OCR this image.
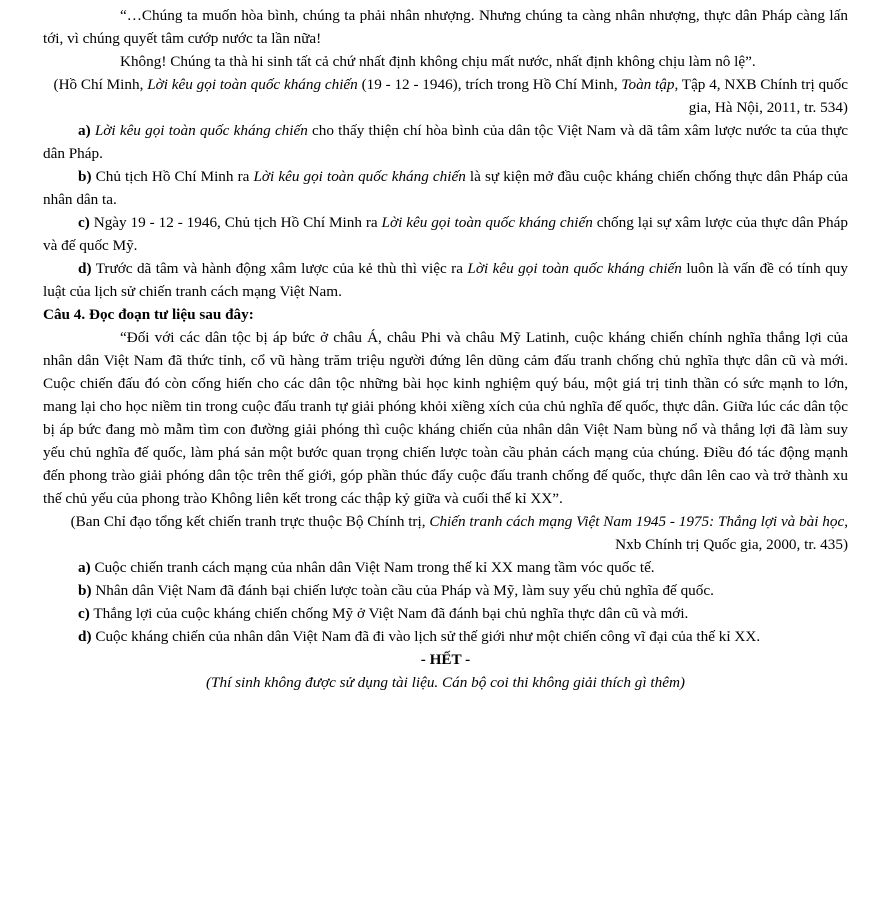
“…Chúng ta muốn hòa bình, chúng ta phải nhân nhượng. Nhưng chúng ta càng nhân nhượng, thực dân Pháp càng lấn tới, vì chúng quyết tâm cướp nước ta lần nữa!

Không! Chúng ta thà hi sinh tất cả chứ nhất định không chịu mất nước, nhất định không chịu làm nô lệ”.

(Hồ Chí Minh, Lời kêu gọi toàn quốc kháng chiến (19 - 12 - 1946), trích trong Hồ Chí Minh, Toàn tập, Tập 4, NXB Chính trị quốc gia, Hà Nội, 2011, tr. 534)

a) Lời kêu gọi toàn quốc kháng chiến cho thấy thiện chí hòa bình của dân tộc Việt Nam và dã tâm xâm lược nước ta của thực dân Pháp.

b) Chủ tịch Hồ Chí Minh ra Lời kêu gọi toàn quốc kháng chiến là sự kiện mở đầu cuộc kháng chiến chống thực dân Pháp của nhân dân ta.

c) Ngày 19 - 12 - 1946, Chủ tịch Hồ Chí Minh ra Lời kêu gọi toàn quốc kháng chiến chống lại sự xâm lược của thực dân Pháp và đế quốc Mỹ.

d) Trước dã tâm và hành động xâm lược của kẻ thù thì việc ra Lời kêu gọi toàn quốc kháng chiến luôn là vấn đề có tính quy luật của lịch sử chiến tranh cách mạng Việt Nam.

Câu 4. Đọc đoạn tư liệu sau đây:

“Đối với các dân tộc bị áp bức ở châu Á, châu Phi và châu Mỹ Latinh, cuộc kháng chiến chính nghĩa thắng lợi của nhân dân Việt Nam đã thức tỉnh, cổ vũ hàng trăm triệu người đứng lên dũng cảm đấu tranh chống chủ nghĩa thực dân cũ và mới. Cuộc chiến đấu đó còn cống hiến cho các dân tộc những bài học kinh nghiệm quý báu, một giá trị tinh thần có sức mạnh to lớn, mang lại cho học niềm tin trong cuộc đấu tranh tự giải phóng khỏi xiềng xích của chủ nghĩa đế quốc, thực dân. Giữa lúc các dân tộc bị áp bức đang mò mẫm tìm con đường giải phóng thì cuộc kháng chiến của nhân dân Việt Nam bùng nổ và thắng lợi đã làm suy yếu chủ nghĩa đế quốc, làm phá sản một bước quan trọng chiến lược toàn cầu phản cách mạng của chúng. Điều đó tác động mạnh đến phong trào giải phóng dân tộc trên thế giới, góp phần thúc đẩy cuộc đấu tranh chống đế quốc, thực dân lên cao và trở thành xu thế chủ yếu của phong trào Không liên kết trong các thập kỷ giữa và cuối thế kỉ XX”.

(Ban Chỉ đạo tổng kết chiến tranh trực thuộc Bộ Chính trị, Chiến tranh cách mạng Việt Nam 1945 - 1975: Thắng lợi và bài học, Nxb Chính trị Quốc gia, 2000, tr. 435)

a) Cuộc chiến tranh cách mạng của nhân dân Việt Nam trong thế kỉ XX mang tầm vóc quốc tế.

b) Nhân dân Việt Nam đã đánh bại chiến lược toàn cầu của Pháp và Mỹ, làm suy yếu chủ nghĩa đế quốc.

c) Thắng lợi của cuộc kháng chiến chống Mỹ ở Việt Nam đã đánh bại chủ nghĩa thực dân cũ và mới.

d) Cuộc kháng chiến của nhân dân Việt Nam đã đi vào lịch sử thế giới như một chiến công vĩ đại của thế kỉ XX.

- HẾT -

(Thí sinh không được sử dụng tài liệu. Cán bộ coi thi không giải thích gì thêm)
